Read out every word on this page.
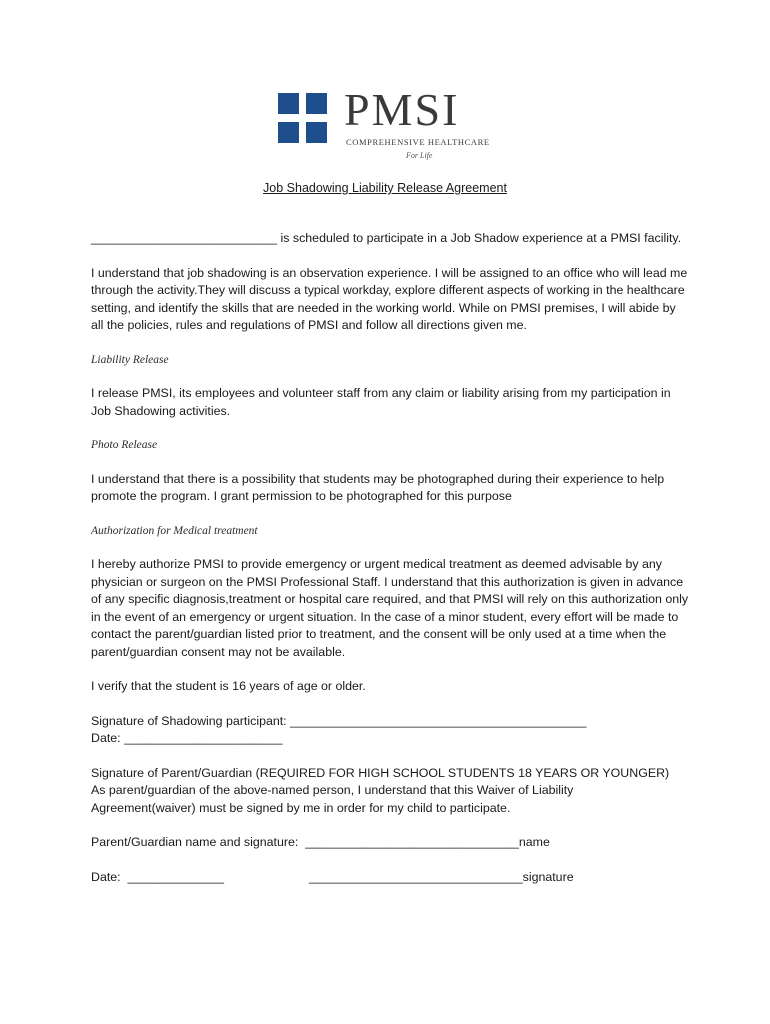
PMSI
COMPREHENSIVE HEALTHCARE
For Life
Job Shadowing Liability Release Agreement

___________________________ is scheduled to participate in a Job Shadow experience at a PMSI facility.

I understand that job shadowing is an observation experience. I will be assigned to an office who will lead me through the activity.They will discuss a typical workday, explore different aspects of working in the healthcare setting, and identify the skills that are needed in the working world. While on PMSI premises, I will abide by all the policies, rules and regulations of PMSI and follow all directions given me.

Liability Release

I release PMSI, its employees and volunteer staff from any claim or liability arising from my participation in Job Shadowing activities.

Photo Release

I understand that there is a possibility that students may be photographed during their experience to help promote the program. I grant permission to be photographed for this purpose

Authorization for Medical treatment

I hereby authorize PMSI to provide emergency or urgent medical treatment as deemed advisable by any physician or surgeon on the PMSI Professional Staff. I understand that this authorization is given in advance of any specific diagnosis,treatment or hospital care required, and that PMSI will rely on this authorization only in the event of an emergency or urgent situation. In the case of a minor student, every effort will be made to contact the parent/guardian listed prior to treatment, and the consent will be only used at a time when the parent/guardian consent may not be available.

I verify that the student is 16 years of age or older.

Signature of Shadowing participant: ___________________________________________
Date: _______________________
Signature of Parent/Guardian (REQUIRED FOR HIGH SCHOOL STUDENTS 18 YEARS OR YOUNGER)
As parent/guardian of the above-named person, I understand that this Waiver of Liability
Agreement(waiver) must be signed by me in order for my child to participate.
Parent/Guardian name and signature:  _______________________________name
Date:  ______________	_______________________________signature
